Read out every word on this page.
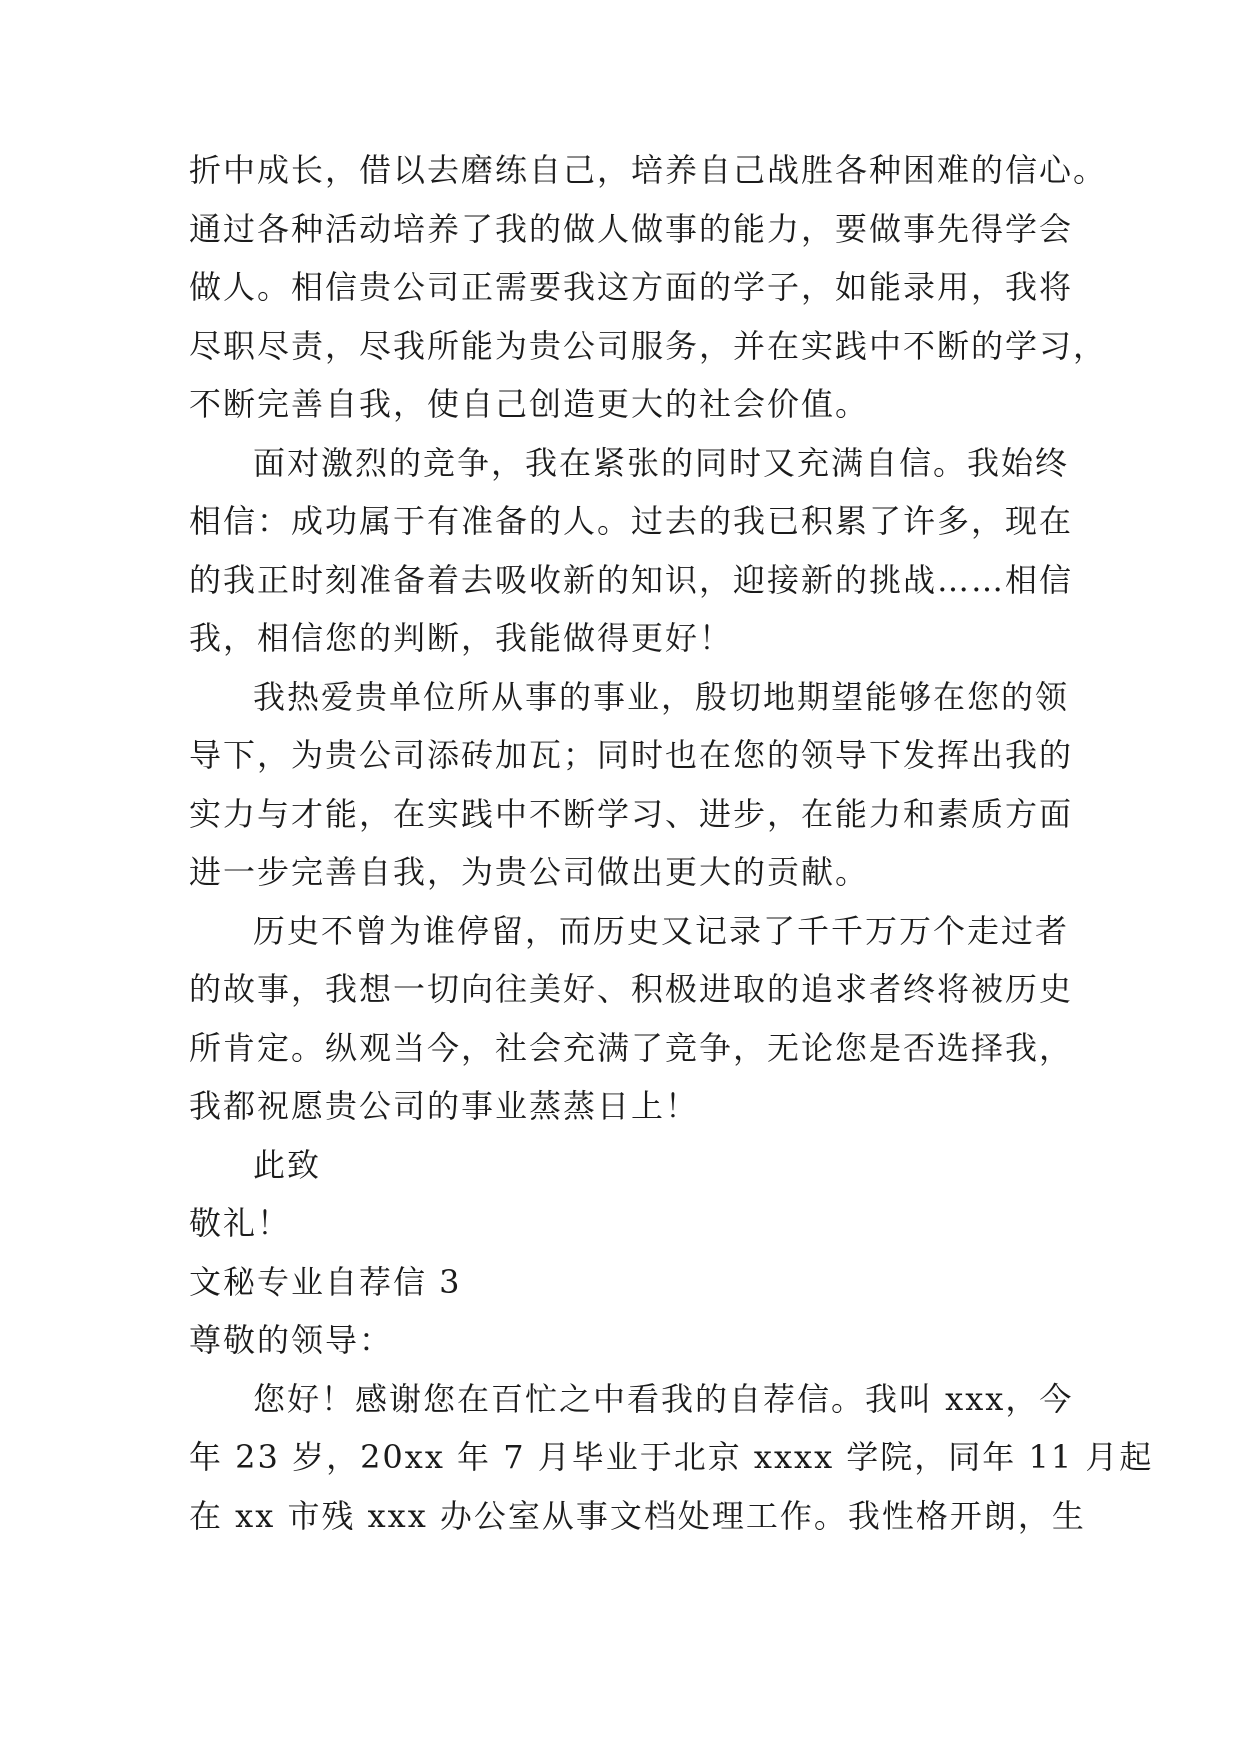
折中成长，借以去磨练自己，培养自己战胜各种困难的信心。
通过各种活动培养了我的做人做事的能力，要做事先得学会
做人。相信贵公司正需要我这方面的学子，如能录用，我将
尽职尽责，尽我所能为贵公司服务，并在实践中不断的学习，
不断完善自我，使自己创造更大的社会价值。
面对激烈的竞争，我在紧张的同时又充满自信。我始终
相信：成功属于有准备的人。过去的我已积累了许多，现在
的我正时刻准备着去吸收新的知识，迎接新的挑战……相信
我，相信您的判断，我能做得更好！
我热爱贵单位所从事的事业，殷切地期望能够在您的领
导下，为贵公司添砖加瓦；同时也在您的领导下发挥出我的
实力与才能，在实践中不断学习、进步，在能力和素质方面
进一步完善自我，为贵公司做出更大的贡献。
历史不曾为谁停留，而历史又记录了千千万万个走过者
的故事，我想一切向往美好、积极进取的追求者终将被历史
所肯定。纵观当今，社会充满了竞争，无论您是否选择我，
我都祝愿贵公司的事业蒸蒸日上！
此致
敬礼！
文秘专业自荐信 3
尊敬的领导：
您好！感谢您在百忙之中看我的自荐信。我叫 xxx，今
年 23 岁，20xx 年 7 月毕业于北京 xxxx 学院，同年 11 月起
在 xx 市残 xxx 办公室从事文档处理工作。我性格开朗，生
